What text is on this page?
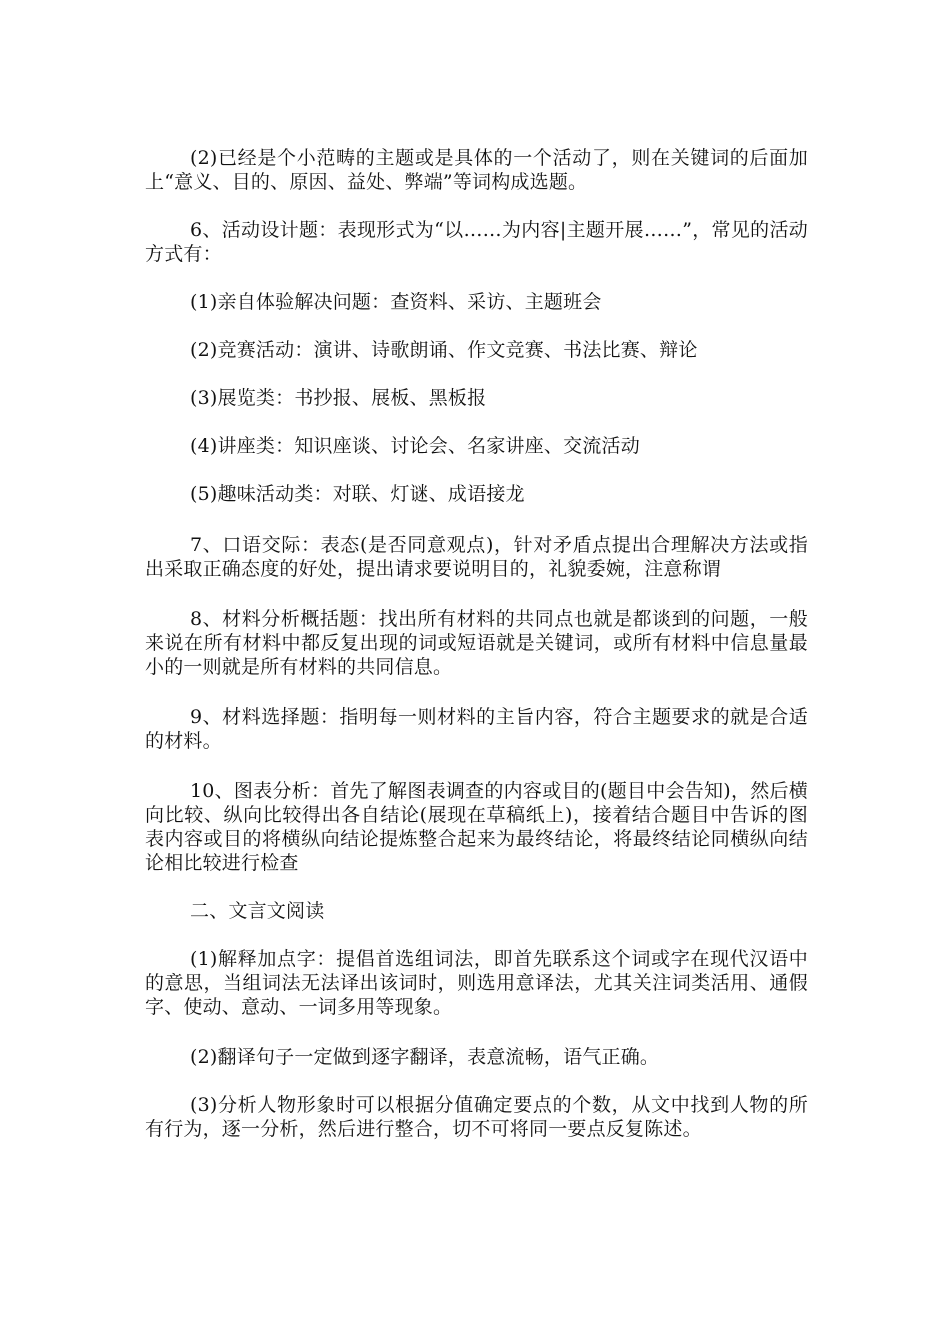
(2)已经是个小范畴的主题或是具体的一个活动了，则在关键词的后面加上“意义、目的、原因、益处、弊端”等词构成选题。

6、活动设计题：表现形式为“以……为内容|主题开展……”，常见的活动方式有：

(1)亲自体验解决问题：查资料、采访、主题班会

(2)竞赛活动：演讲、诗歌朗诵、作文竞赛、书法比赛、辩论

(3)展览类：书抄报、展板、黑板报

(4)讲座类：知识座谈、讨论会、名家讲座、交流活动

(5)趣味活动类：对联、灯谜、成语接龙

7、口语交际：表态(是否同意观点)，针对矛盾点提出合理解决方法或指出采取正确态度的好处，提出请求要说明目的，礼貌委婉，注意称谓

8、材料分析概括题：找出所有材料的共同点也就是都谈到的问题，一般来说在所有材料中都反复出现的词或短语就是关键词，或所有材料中信息量最小的一则就是所有材料的共同信息。

9、材料选择题：指明每一则材料的主旨内容，符合主题要求的就是合适的材料。

10、图表分析：首先了解图表调查的内容或目的(题目中会告知)，然后横向比较、纵向比较得出各自结论(展现在草稿纸上)，接着结合题目中告诉的图表内容或目的将横纵向结论提炼整合起来为最终结论，将最终结论同横纵向结论相比较进行检查

二、文言文阅读

(1)解释加点字：提倡首选组词法，即首先联系这个词或字在现代汉语中的意思，当组词法无法译出该词时，则选用意译法，尤其关注词类活用、通假字、使动、意动、一词多用等现象。

(2)翻译句子一定做到逐字翻译，表意流畅，语气正确。

(3)分析人物形象时可以根据分值确定要点的个数，从文中找到人物的所有行为，逐一分析，然后进行整合，切不可将同一要点反复陈述。
